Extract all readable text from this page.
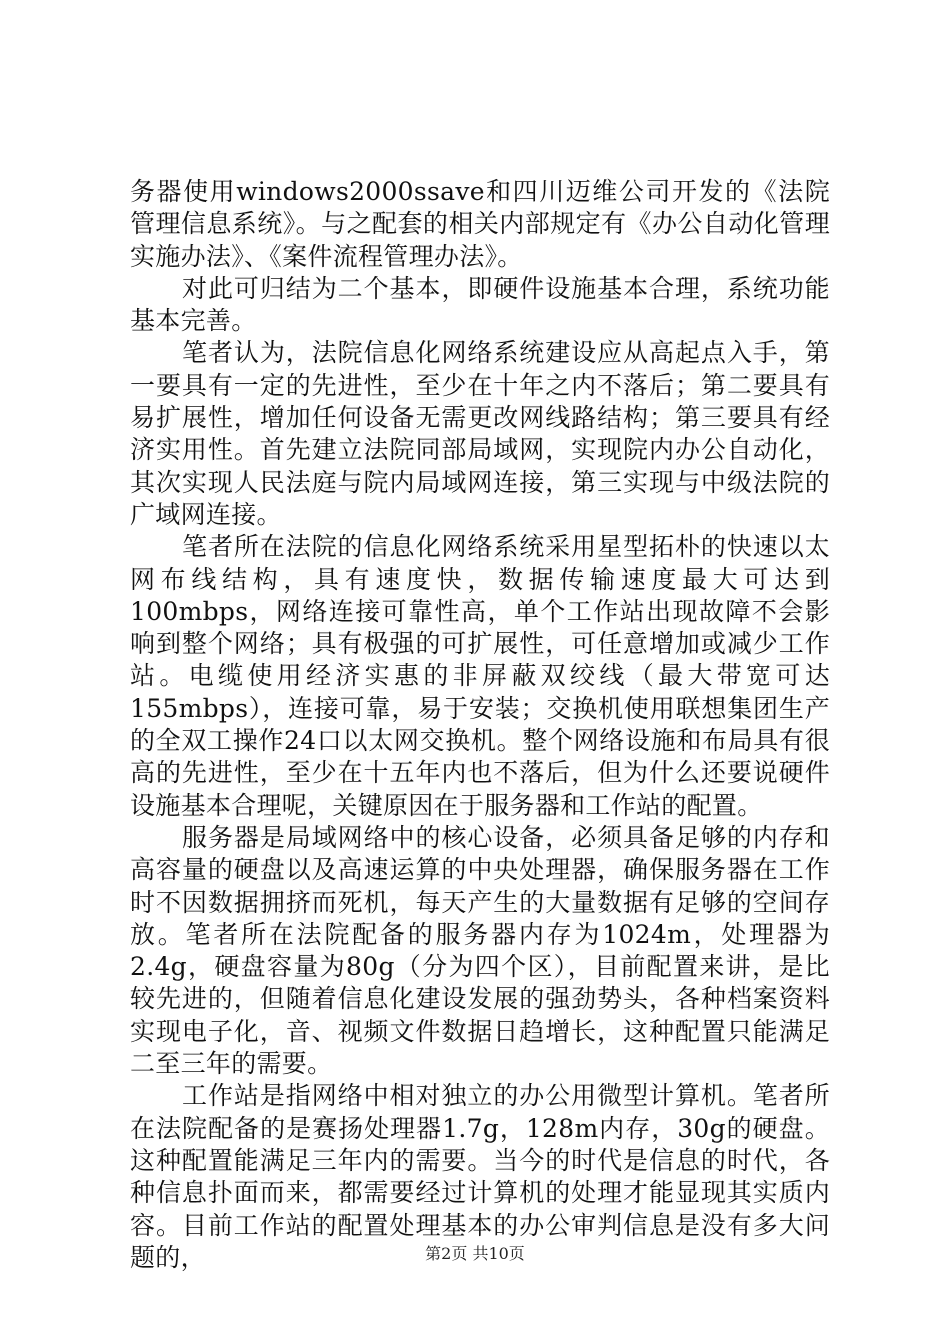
务器使用windows2000ssave和四川迈维公司开发的《法院管理信息系统》。与之配套的相关内部规定有《办公自动化管理实施办法》、《案件流程管理办法》。

对此可归结为二个基本，即硬件设施基本合理，系统功能基本完善。

笔者认为，法院信息化网络系统建设应从高起点入手，第一要具有一定的先进性，至少在十年之内不落后；第二要具有易扩展性，增加任何设备无需更改网线路结构；第三要具有经济实用性。首先建立法院同部局域网，实现院内办公自动化，其次实现人民法庭与院内局域网连接，第三实现与中级法院的广域网连接。

笔者所在法院的信息化网络系统采用星型拓朴的快速以太网布线结构，具有速度快，数据传输速度最大可达到100mbps，网络连接可靠性高，单个工作站出现故障不会影响到整个网络；具有极强的可扩展性，可任意增加或减少工作站。电缆使用经济实惠的非屏蔽双绞线（最大带宽可达155mbps），连接可靠，易于安装；交换机使用联想集团生产的全双工操作24口以太网交换机。整个网络设施和布局具有很高的先进性，至少在十五年内也不落后，但为什么还要说硬件设施基本合理呢，关键原因在于服务器和工作站的配置。

服务器是局域网络中的核心设备，必须具备足够的内存和高容量的硬盘以及高速运算的中央处理器，确保服务器在工作时不因数据拥挤而死机，每天产生的大量数据有足够的空间存放。笔者所在法院配备的服务器内存为1024m，处理器为2.4g，硬盘容量为80g（分为四个区），目前配置来讲，是比较先进的，但随着信息化建设发展的强劲势头，各种档案资料实现电子化，音、视频文件数据日趋增长，这种配置只能满足二至三年的需要。

工作站是指网络中相对独立的办公用微型计算机。笔者所在法院配备的是赛扬处理器1.7g，128m内存，30g的硬盘。这种配置能满足三年内的需要。当今的时代是信息的时代，各种信息扑面而来，都需要经过计算机的处理才能显现其实质内容。目前工作站的配置处理基本的办公审判信息是没有多大问题的，	第2页 共10页
